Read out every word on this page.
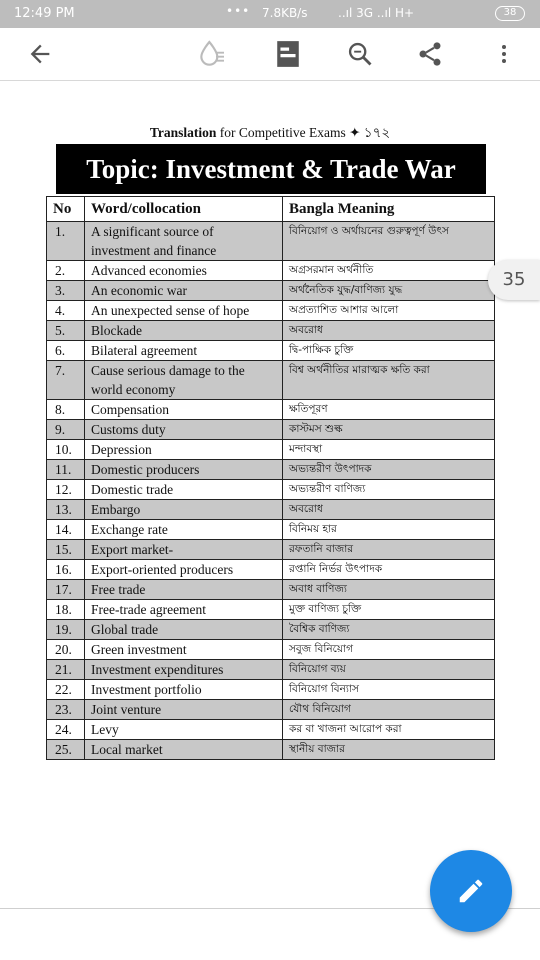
12:49 PM	••• 7.8KB/s	..ıl 3G ..ıl H+	38
Translation for Competitive Exams ✦ ১৭২
Topic: Investment & Trade War
No	Word/collocation	Bangla Meaning
1.	A significant source of investment and finance	বিনিয়োগ ও অর্থায়নের গুরুত্বপূর্ণ উৎস
2.	Advanced economies	অগ্রসরমান অর্থনীতি
3.	An economic war	অর্থনৈতিক যুদ্ধ/বাণিজ্য যুদ্ধ
4.	An unexpected sense of hope	অপ্রত্যাশিত আশার আলো
5.	Blockade	অবরোধ
6.	Bilateral agreement	দ্বি-পাক্ষিক চুক্তি
7.	Cause serious damage to the world economy	বিশ্ব অর্থনীতির মারাত্মক ক্ষতি করা
8.	Compensation	ক্ষতিপূরণ
9.	Customs duty	কাস্টমস শুল্ক
10.	Depression	মন্দাবস্থা
11.	Domestic producers	অভ্যন্তরীণ উৎপাদক
12.	Domestic trade	অভ্যন্তরীণ বাণিজ্য
13.	Embargo	অবরোধ
14.	Exchange rate	বিনিময় হার
15.	Export market-	রফতানি বাজার
16.	Export-oriented producers	রপ্তানি নির্ভর উৎপাদক
17.	Free trade	অবাধ বাণিজ্য
18.	Free-trade agreement	মুক্ত বাণিজ্য চুক্তি
19.	Global trade	বৈশ্বিক বাণিজ্য
20.	Green investment	সবুজ বিনিয়োগ
21.	Investment expenditures	বিনিয়োগ ব্যয়
22.	Investment portfolio	বিনিয়োগ বিন্যাস
23.	Joint venture	যৌথ বিনিয়োগ
24.	Levy	কর বা খাজনা আরোপ করা
25.	Local market	স্থানীয় বাজার
35
